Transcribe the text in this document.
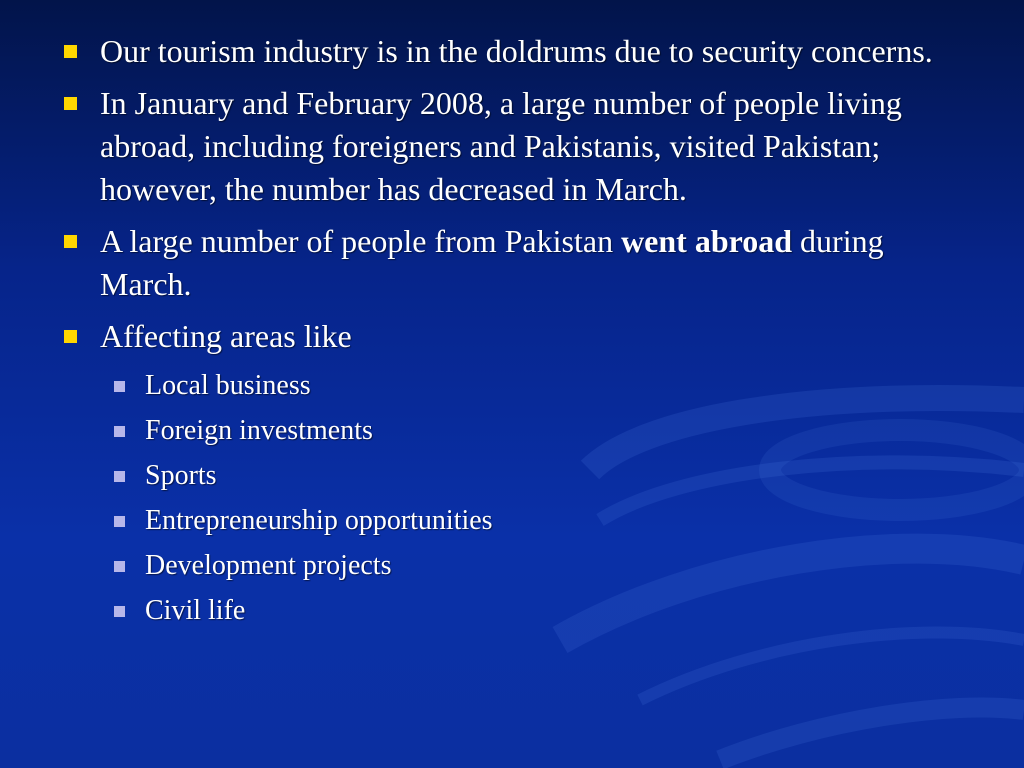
Our tourism industry is in the doldrums due to security concerns.
In January and February 2008, a large number of people living abroad, including foreigners and Pakistanis, visited Pakistan; however, the number has decreased in March.
A large number of people from Pakistan went abroad during March.
Affecting areas like
Local business
Foreign investments
Sports
Entrepreneurship opportunities
Development projects
Civil life
